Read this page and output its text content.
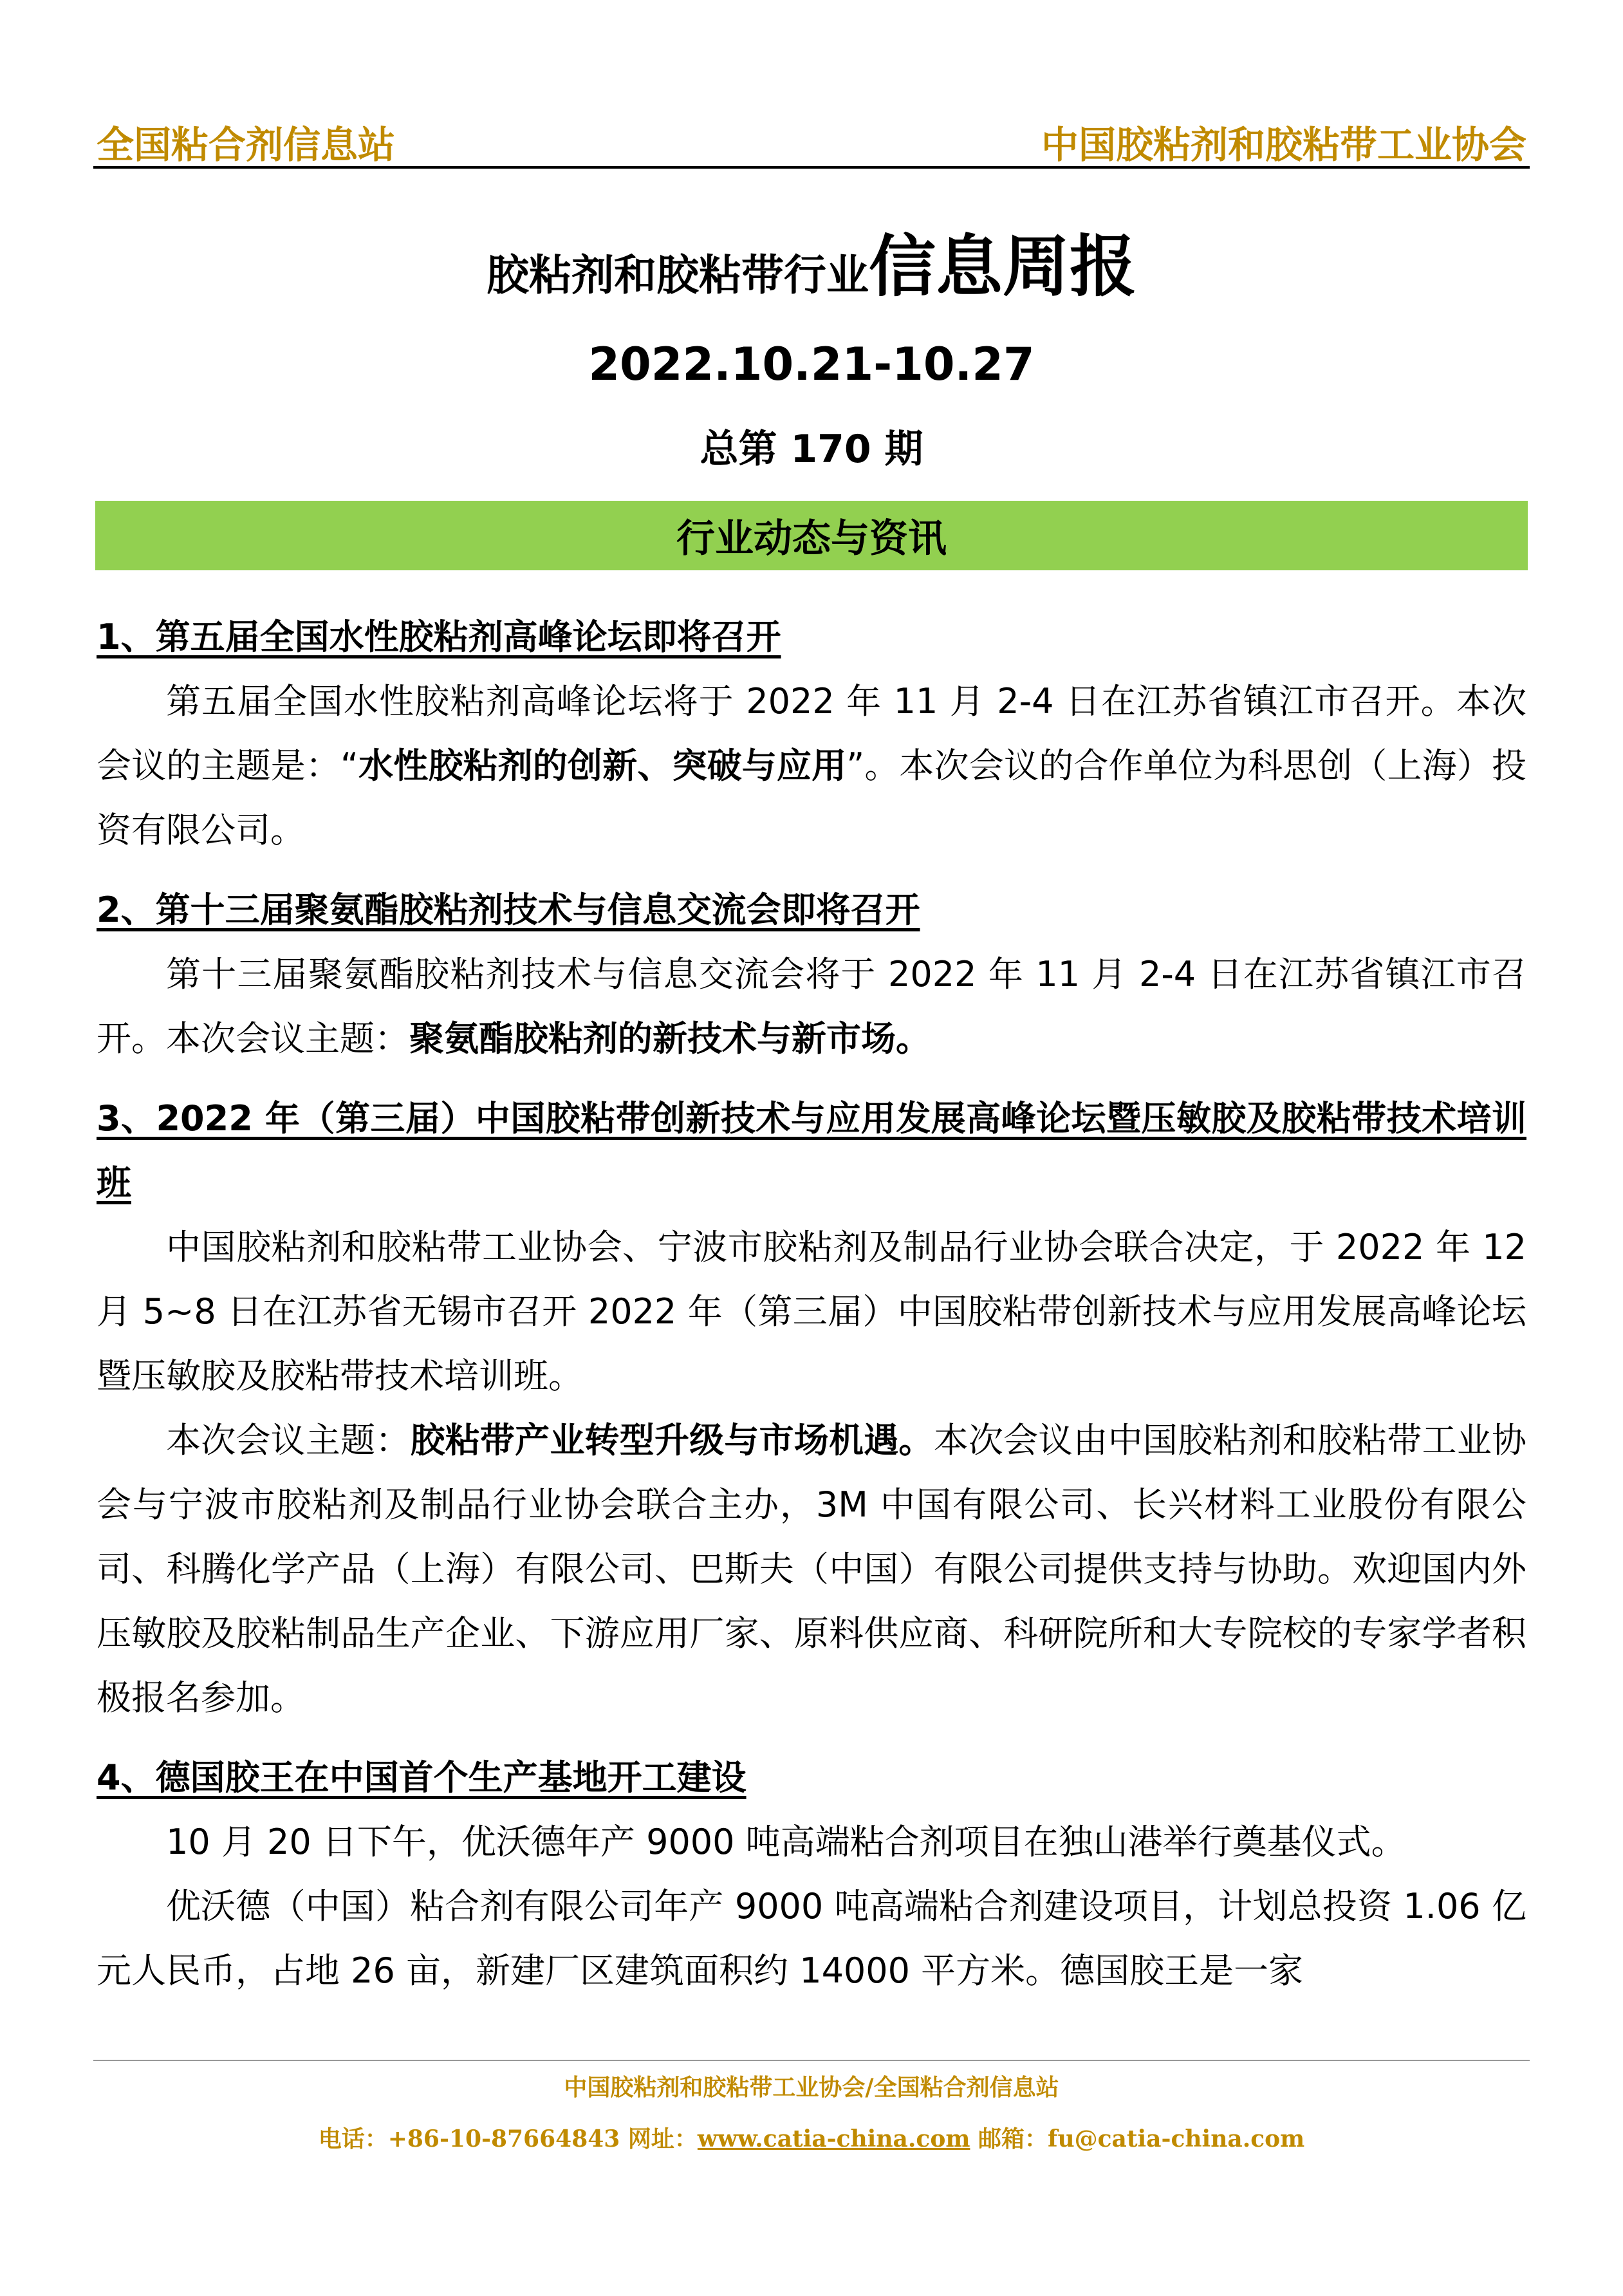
全国粘合剂信息站	中国胶粘剂和胶粘带工业协会
胶粘剂和胶粘带行业信息周报
2022.10.21-10.27
总第 170 期
行业动态与资讯

1、第五届全国水性胶粘剂高峰论坛即将召开

第五届全国水性胶粘剂高峰论坛将于 2022 年 11 月 2-4 日在江苏省镇江市召开。本次会议的主题是：“水性胶粘剂的创新、突破与应用”。本次会议的合作单位为科思创（上海）投资有限公司。

2、第十三届聚氨酯胶粘剂技术与信息交流会即将召开

第十三届聚氨酯胶粘剂技术与信息交流会将于 2022 年 11 月 2-4 日在江苏省镇江市召开。本次会议主题：聚氨酯胶粘剂的新技术与新市场。

3、2022 年（第三届）中国胶粘带创新技术与应用发展高峰论坛暨压敏胶及胶粘带技术培训班

中国胶粘剂和胶粘带工业协会、宁波市胶粘剂及制品行业协会联合决定，于 2022 年 12 月 5~8 日在江苏省无锡市召开 2022 年（第三届）中国胶粘带创新技术与应用发展高峰论坛暨压敏胶及胶粘带技术培训班。

本次会议主题：胶粘带产业转型升级与市场机遇。本次会议由中国胶粘剂和胶粘带工业协会与宁波市胶粘剂及制品行业协会联合主办，3M 中国有限公司、长兴材料工业股份有限公司、科腾化学产品（上海）有限公司、巴斯夫（中国）有限公司提供支持与协助。欢迎国内外压敏胶及胶粘制品生产企业、下游应用厂家、原料供应商、科研院所和大专院校的专家学者积极报名参加。

4、德国胶王在中国首个生产基地开工建设

10 月 20 日下午，优沃德年产 9000 吨高端粘合剂项目在独山港举行奠基仪式。

优沃德（中国）粘合剂有限公司年产 9000 吨高端粘合剂建设项目，计划总投资 1.06 亿元人民币，占地 26 亩，新建厂区建筑面积约 14000 平方米。德国胶王是一家

中国胶粘剂和胶粘带工业协会/全国粘合剂信息站
电话：+86-10-87664843 网址：www.catia-china.com 邮箱：fu@catia-china.com
